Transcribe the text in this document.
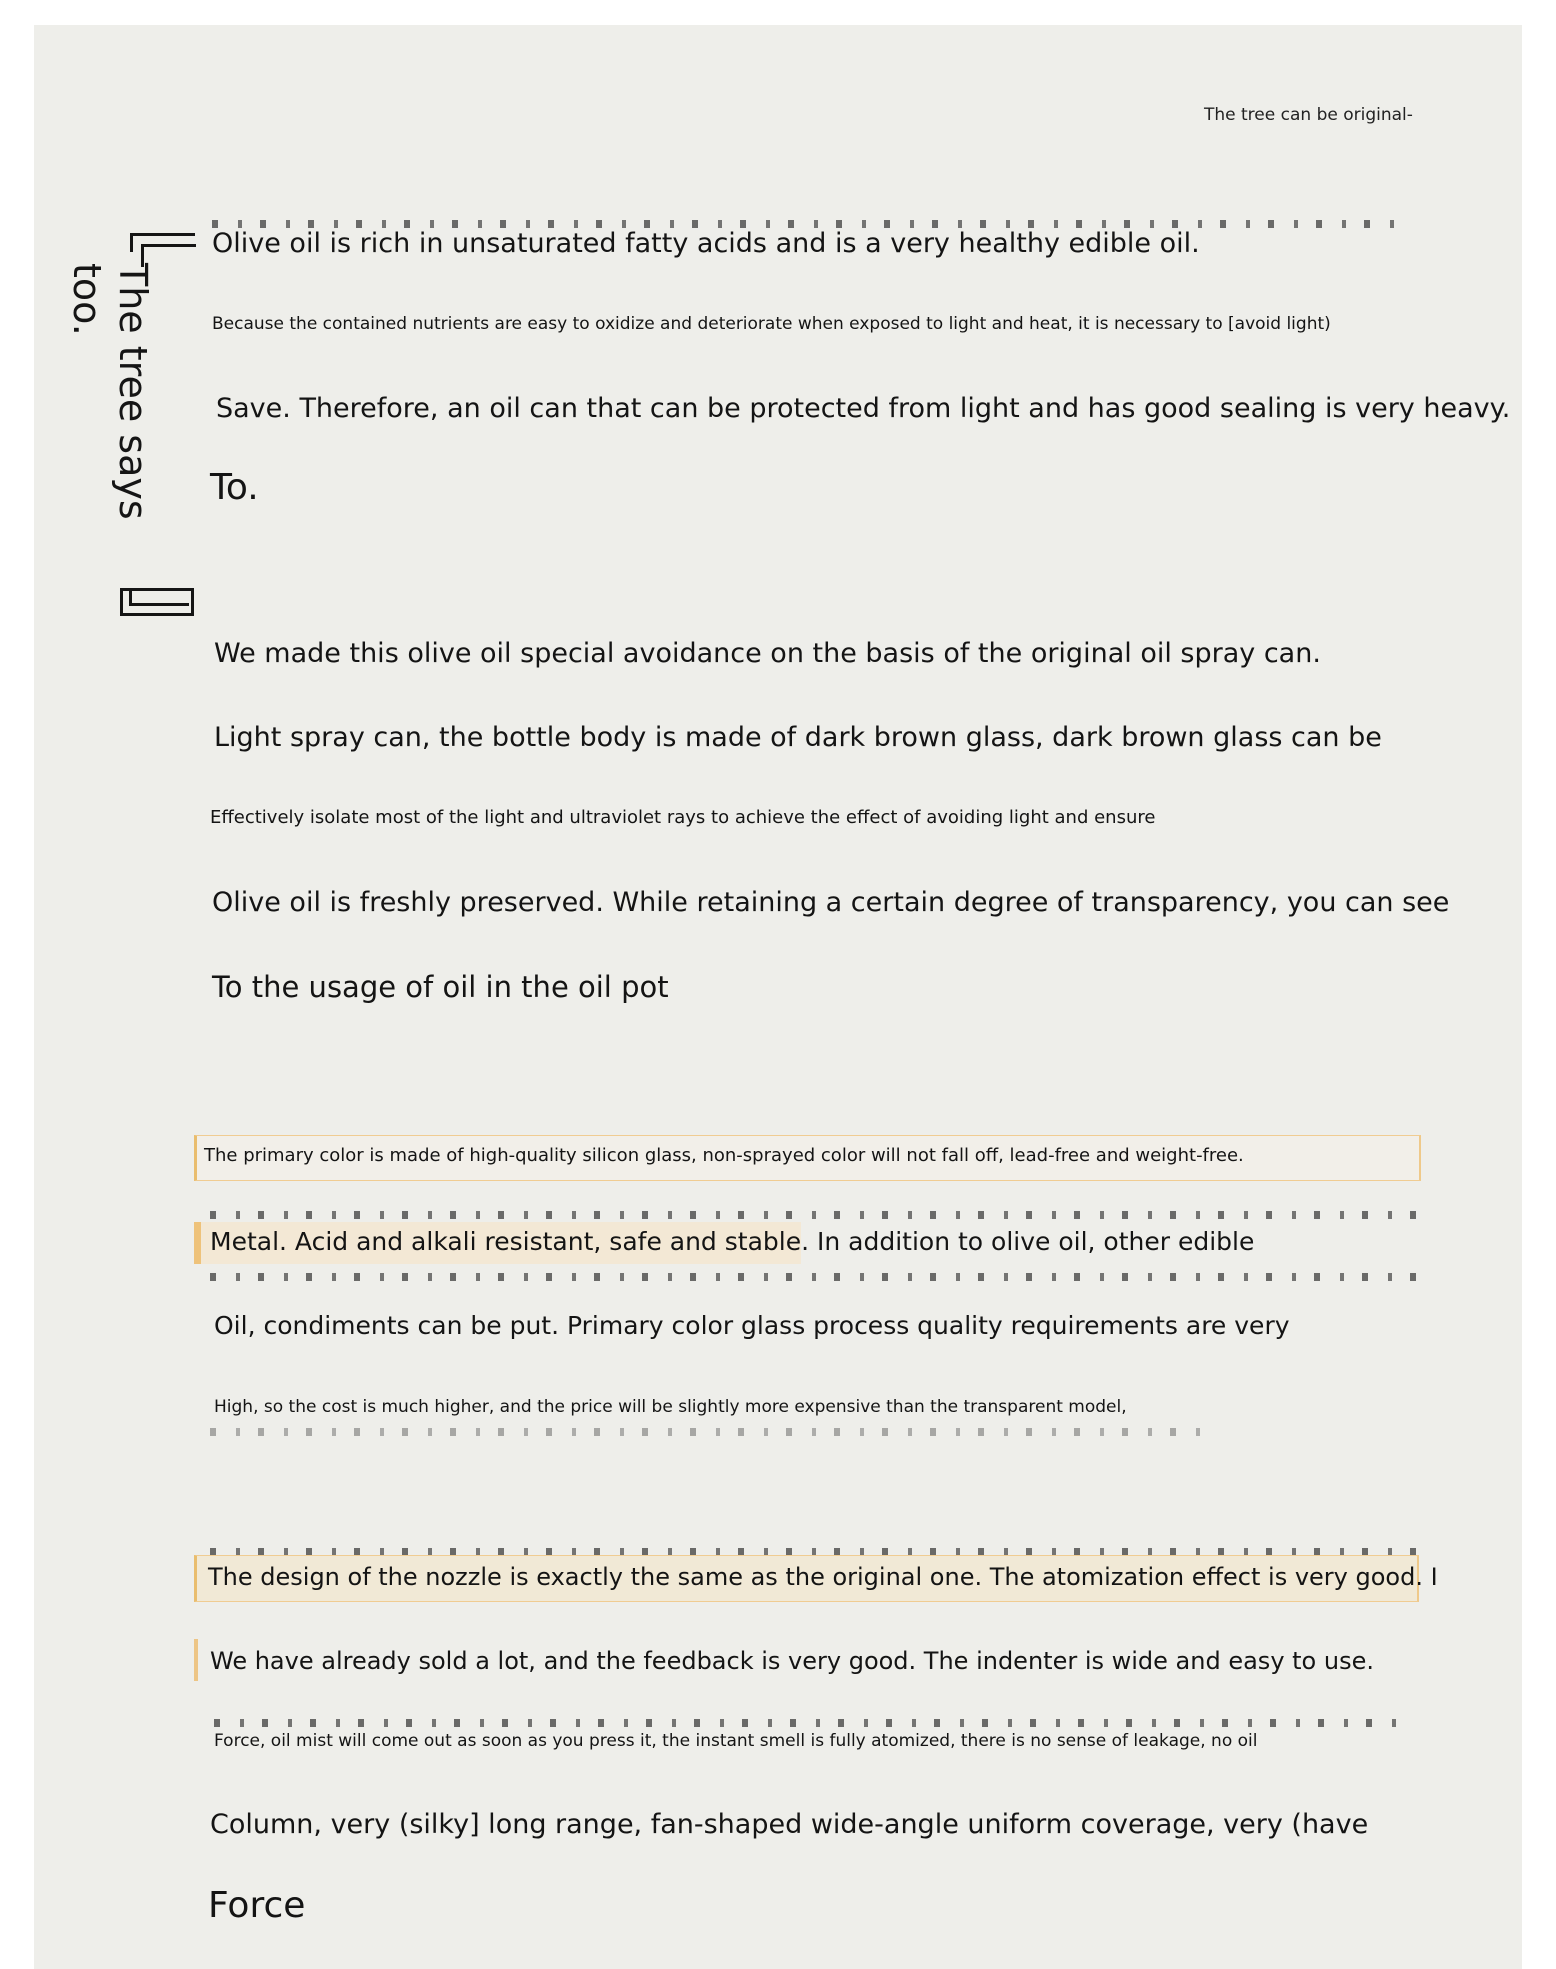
The tree can be original-
The tree says too.
Olive oil is rich in unsaturated fatty acids and is a very healthy edible oil.
Because the contained nutrients are easy to oxidize and deteriorate when exposed to light and heat, it is necessary to [avoid light)
Save. Therefore, an oil can that can be protected from light and has good sealing is very heavy.
To.
We made this olive oil special avoidance on the basis of the original oil spray can.
Light spray can, the bottle body is made of dark brown glass, dark brown glass can be
Effectively isolate most of the light and ultraviolet rays to achieve the effect of avoiding light and ensure
Olive oil is freshly preserved. While retaining a certain degree of transparency, you can see
To the usage of oil in the oil pot
The primary color is made of high-quality silicon glass, non-sprayed color will not fall off, lead-free and weight-free.
Metal. Acid and alkali resistant, safe and stable. In addition to olive oil, other edible
Oil, condiments can be put. Primary color glass process quality requirements are very
High, so the cost is much higher, and the price will be slightly more expensive than the transparent model,
The design of the nozzle is exactly the same as the original one. The atomization effect is very good. I
We have already sold a lot, and the feedback is very good. The indenter is wide and easy to use.
Force, oil mist will come out as soon as you press it, the instant smell is fully atomized, there is no sense of leakage, no oil
Column, very (silky] long range, fan-shaped wide-angle uniform coverage, very (have
Force
